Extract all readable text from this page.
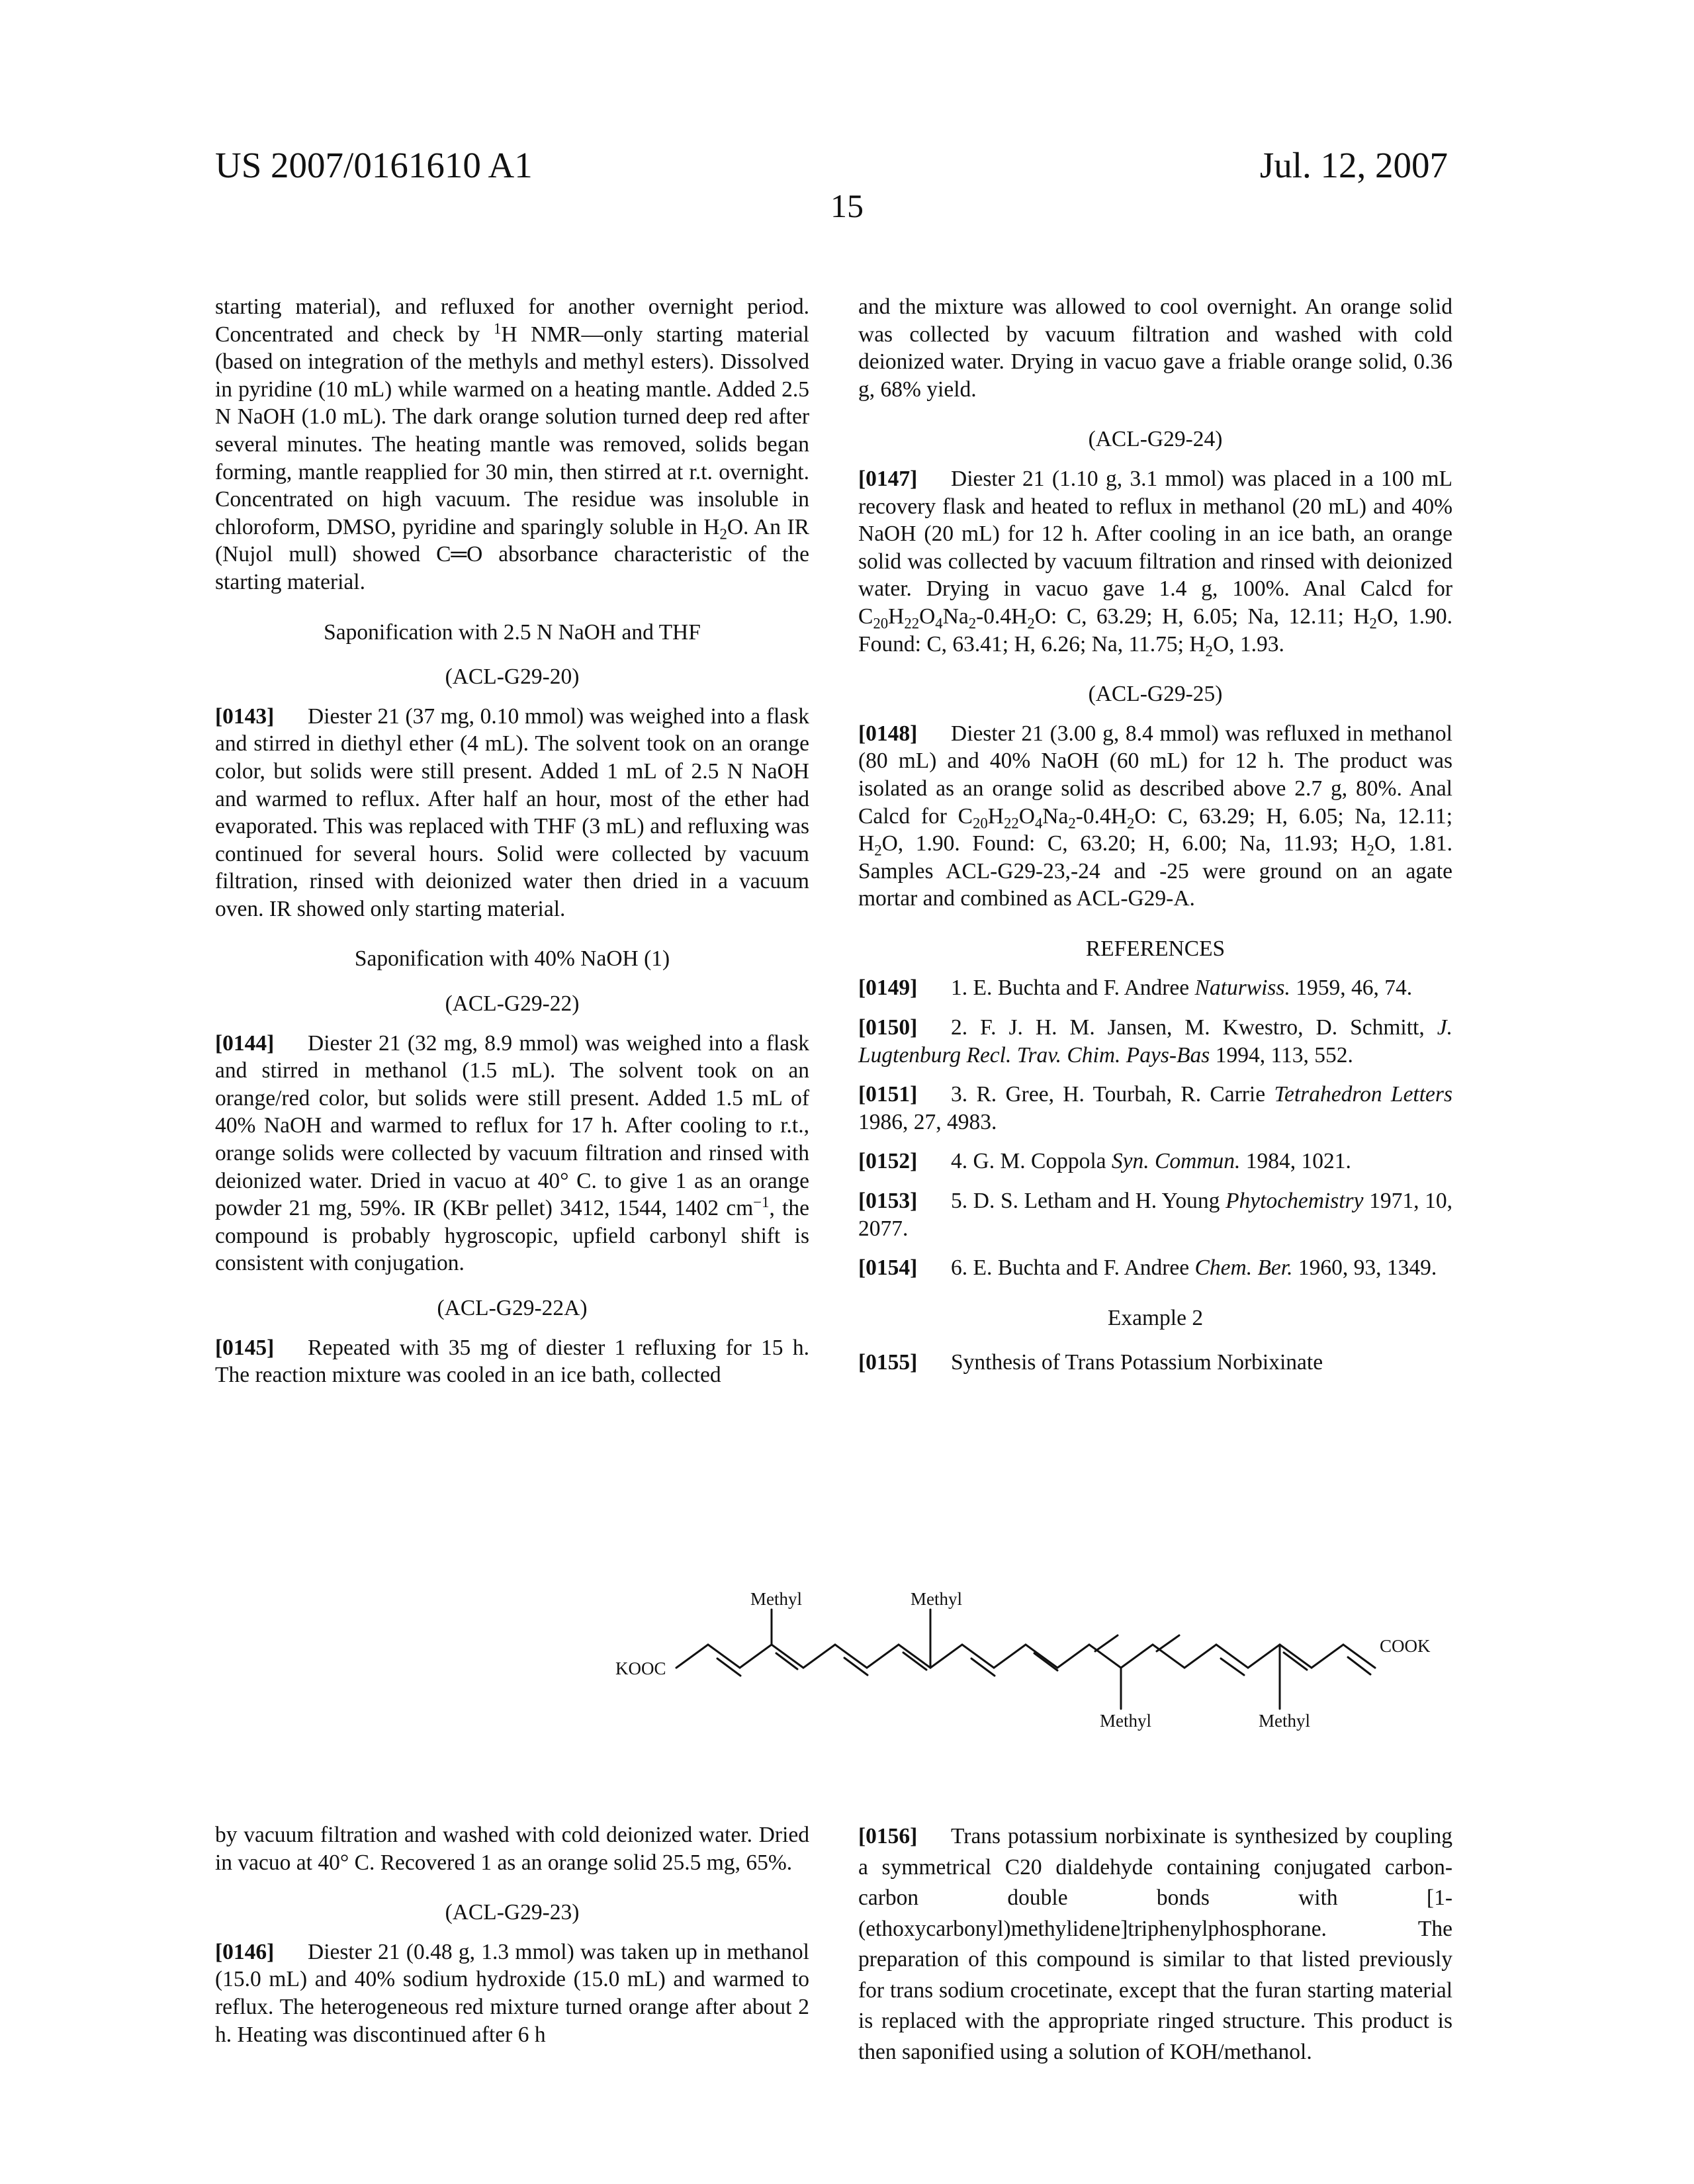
US 2007/0161610 A1	Jul. 12, 2007
15

starting material), and refluxed for another overnight period. Concentrated and check by 1H NMR—only starting material (based on integration of the methyls and methyl esters). Dissolved in pyridine (10 mL) while warmed on a heating mantle. Added 2.5 N NaOH (1.0 mL). The dark orange solution turned deep red after several minutes. The heating mantle was removed, solids began forming, mantle reapplied for 30 min, then stirred at r.t. overnight. Concentrated on high vacuum. The residue was insoluble in chloroform, DMSO, pyridine and sparingly soluble in H2O. An IR (Nujol mull) showed C═O absorbance characteristic of the starting material.

Saponification with 2.5 N NaOH and THF

(ACL-G29-20)

[0143] Diester 21 (37 mg, 0.10 mmol) was weighed into a flask and stirred in diethyl ether (4 mL). The solvent took on an orange color, but solids were still present. Added 1 mL of 2.5 N NaOH and warmed to reflux. After half an hour, most of the ether had evaporated. This was replaced with THF (3 mL) and refluxing was continued for several hours. Solid were collected by vacuum filtration, rinsed with deionized water then dried in a vacuum oven. IR showed only starting material.

Saponification with 40% NaOH (1)

(ACL-G29-22)

[0144] Diester 21 (32 mg, 8.9 mmol) was weighed into a flask and stirred in methanol (1.5 mL). The solvent took on an orange/red color, but solids were still present. Added 1.5 mL of 40% NaOH and warmed to reflux for 17 h. After cooling to r.t., orange solids were collected by vacuum filtration and rinsed with deionized water. Dried in vacuo at 40° C. to give 1 as an orange powder 21 mg, 59%. IR (KBr pellet) 3412, 1544, 1402 cm−1, the compound is probably hygroscopic, upfield carbonyl shift is consistent with conjugation.

(ACL-G29-22A)

[0145] Repeated with 35 mg of diester 1 refluxing for 15 h. The reaction mixture was cooled in an ice bath, collected

and the mixture was allowed to cool overnight. An orange solid was collected by vacuum filtration and washed with cold deionized water. Drying in vacuo gave a friable orange solid, 0.36 g, 68% yield.

(ACL-G29-24)

[0147] Diester 21 (1.10 g, 3.1 mmol) was placed in a 100 mL recovery flask and heated to reflux in methanol (20 mL) and 40% NaOH (20 mL) for 12 h. After cooling in an ice bath, an orange solid was collected by vacuum filtration and rinsed with deionized water. Drying in vacuo gave 1.4 g, 100%. Anal Calcd for C20H22O4Na2-0.4H2O: C, 63.29; H, 6.05; Na, 12.11; H2O, 1.90. Found: C, 63.41; H, 6.26; Na, 11.75; H2O, 1.93.

(ACL-G29-25)

[0148] Diester 21 (3.00 g, 8.4 mmol) was refluxed in methanol (80 mL) and 40% NaOH (60 mL) for 12 h. The product was isolated as an orange solid as described above 2.7 g, 80%. Anal Calcd for C20H22O4Na2-0.4H2O: C, 63.29; H, 6.05; Na, 12.11; H2O, 1.90. Found: C, 63.20; H, 6.00; Na, 11.93; H2O, 1.81. Samples ACL-G29-23,-24 and -25 were ground on an agate mortar and combined as ACL-G29-A.

REFERENCES

[0149] 1. E. Buchta and F. Andree Naturwiss. 1959, 46, 74.

[0150] 2. F. J. H. M. Jansen, M. Kwestro, D. Schmitt, J. Lugtenburg Recl. Trav. Chim. Pays-Bas 1994, 113, 552.

[0151] 3. R. Gree, H. Tourbah, R. Carrie Tetrahedron Letters 1986, 27, 4983.

[0152] 4. G. M. Coppola Syn. Commun. 1984, 1021.

[0153] 5. D. S. Letham and H. Young Phytochemistry 1971, 10, 2077.

[0154] 6. E. Buchta and F. Andree Chem. Ber. 1960, 93, 1349.

Example 2

[0155] Synthesis of Trans Potassium Norbixinate

KOOC
COOK
Methyl	Methyl
Methyl	Methyl

by vacuum filtration and washed with cold deionized water. Dried in vacuo at 40° C. Recovered 1 as an orange solid 25.5 mg, 65%.

(ACL-G29-23)

[0146] Diester 21 (0.48 g, 1.3 mmol) was taken up in methanol (15.0 mL) and 40% sodium hydroxide (15.0 mL) and warmed to reflux. The heterogeneous red mixture turned orange after about 2 h. Heating was discontinued after 6 h

[0156] Trans potassium norbixinate is synthesized by coupling a symmetrical C20 dialdehyde containing conjugated carbon-carbon double bonds with [1-(ethoxycarbonyl)methylidene]triphenylphosphorane. The preparation of this compound is similar to that listed previously for trans sodium crocetinate, except that the furan starting material is replaced with the appropriate ringed structure. This product is then saponified using a solution of KOH/methanol.
